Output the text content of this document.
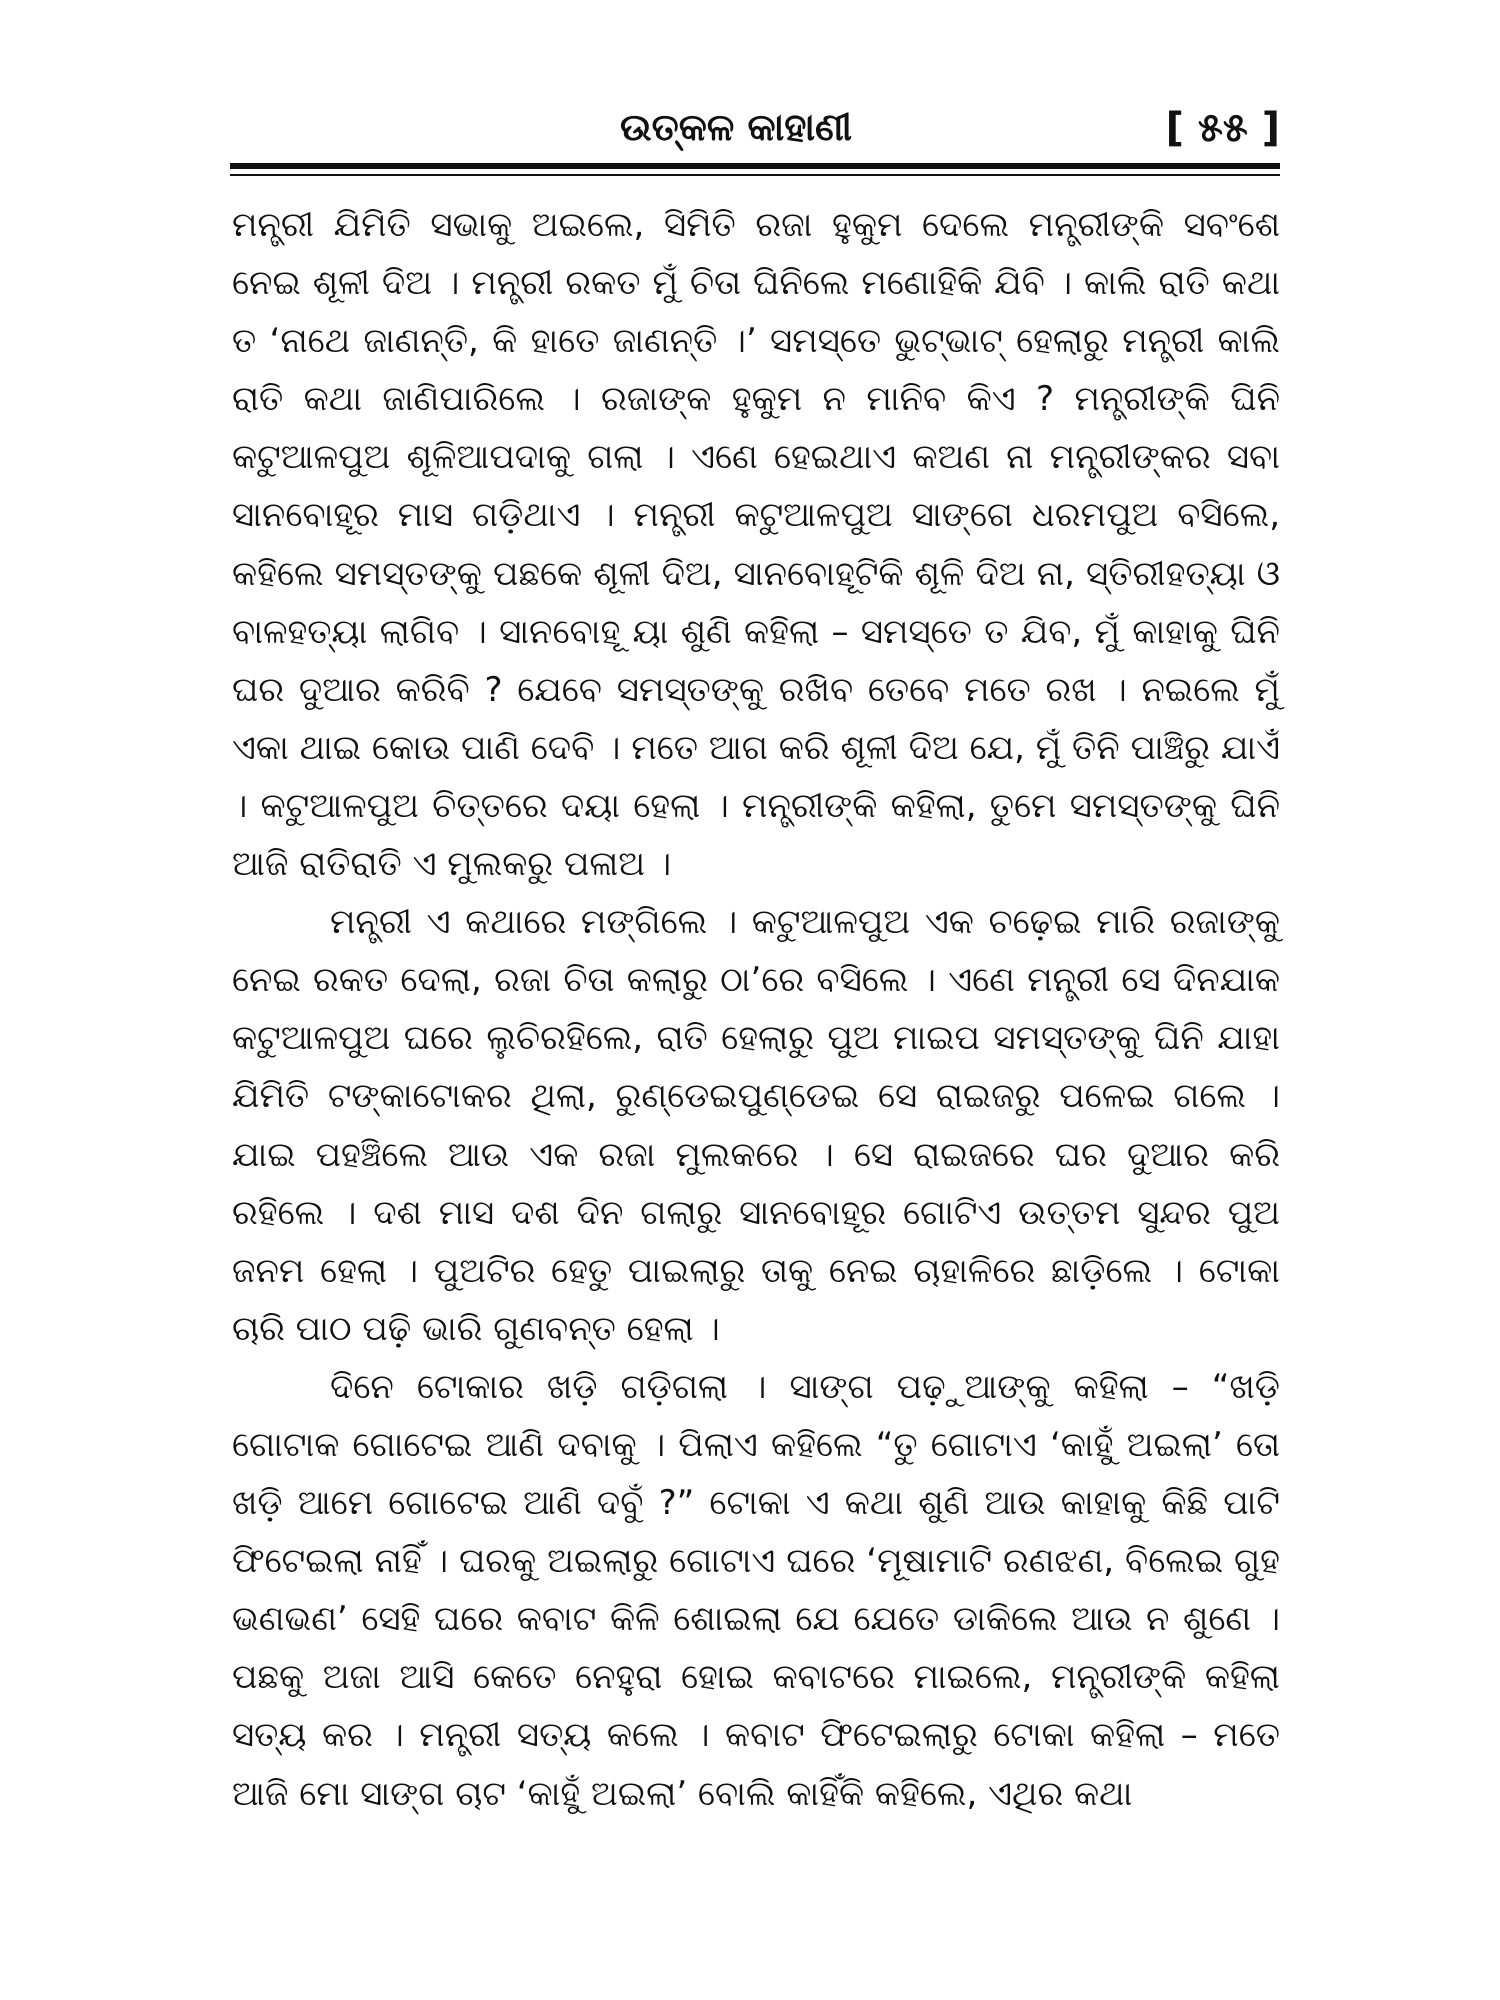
ଉତ୍କଳ କାହାଣୀ	[ ୫୫ ]

ମନ୍ତ୍ରୀ ଯିମିତି ସଭାକୁ ଅଇଲେ, ସିମିତି ରଜା ହୁକୁମ ଦେଲେ ମନ୍ତ୍ରୀଙ୍କି ସବଂଶେ ନେଇ ଶୂଳୀ ଦିଅ । ମନ୍ତ୍ରୀ ରକତ ମୁଁ ଚିତା ଘିନିଲେ ମଣୋହିକି ଯିବି । କାଲି ରାତି କଥା ତ ‘ନାଥେ ଜାଣନ୍ତି, କି ହାତେ ଜାଣନ୍ତି ।’ ସମସ୍ତେ ଭୁଟ୍‌ଭାଟ୍ ହେଲାରୁ ମନ୍ତ୍ରୀ କାଲି ରାତି କଥା ଜାଣିପାରିଲେ । ରଜାଙ୍କ ହୁକୁମ ନ ମାନିବ କିଏ ? ମନ୍ତ୍ରୀଙ୍କି ଘିନି କଟୁଆଳପୁଅ ଶୂଳିଆପଦାକୁ ଗଲା । ଏଣେ ହେଇଥାଏ କଅଣ ନା ମନ୍ତ୍ରୀଙ୍କର ସବା ସାନବୋହୂର ମାସ ଗଡ଼ିଥାଏ । ମନ୍ତ୍ରୀ କଟୁଆଳପୁଅ ସାଙ୍ଗେ ଧରମପୁଅ ବସିଲେ, କହିଲେ ସମସ୍ତଙ୍କୁ ପଛକେ ଶୂଳୀ ଦିଅ, ସାନବୋହୂଟିକି ଶୂଳି ଦିଅ ନା, ସ୍ତିରୀହତ୍ୟା ଓ ବାଳହତ୍ୟା ଲାଗିବ । ସାନବୋହୂ ୟା ଶୁଣି କହିଲା – ସମସ୍ତେ ତ ଯିବ, ମୁଁ କାହାକୁ ଘିନି ଘର ଦୁଆର କରିବି ? ଯେବେ ସମସ୍ତଙ୍କୁ ରଖିବ ତେବେ ମତେ ରଖ । ନଇଲେ ମୁଁ ଏକା ଥାଇ କୋଉ ପାଣି ଦେବି । ମତେ ଆଗ କରି ଶୂଳୀ ଦିଅ ଯେ, ମୁଁ ତିନି ପାଞ୍ଚିରୁ ଯାଏଁ । କଟୁଆଳପୁଅ ଚିତ୍ତରେ ଦୟା ହେଲା । ମନ୍ତ୍ରୀଙ୍କି କହିଲା, ତୁମେ ସମସ୍ତଙ୍କୁ ଘିନି ଆଜି ରାତିରାତି ଏ ମୁଲକରୁ ପଳାଅ ।

ମନ୍ତ୍ରୀ ଏ କଥାରେ ମଙ୍ଗିଲେ । କଟୁଆଳପୁଅ ଏକ ଚଢ଼େଇ ମାରି ରଜାଙ୍କୁ ନେଇ ରକତ ଦେଲା, ରଜା ଚିତା କଲାରୁ ଠା’ରେ ବସିଲେ । ଏଣେ ମନ୍ତ୍ରୀ ସେ ଦିନଯାକ କଟୁଆଳପୁଅ ଘରେ ଲୁଚିରହିଲେ, ରାତି ହେଲାରୁ ପୁଅ ମାଇପ ସମସ୍ତଙ୍କୁ ଘିନି ଯାହା ଯିମିତି ଟଙ୍କାଟୋକର ଥିଲା, ରୁଣ୍ଡେଇପୁଣ୍ଡେଇ ସେ ରାଇଜରୁ ପଳେଇ ଗଲେ । ଯାଇ ପହଞ୍ଚିଲେ ଆଉ ଏକ ରଜା ମୁଲକରେ । ସେ ରାଇଜରେ ଘର ଦୁଆର କରି ରହିଲେ । ଦଶ ମାସ ଦଶ ଦିନ ଗଲାରୁ ସାନବୋହୂର ଗୋଟିଏ ଉତ୍ତମ ସୁନ୍ଦର ପୁଅ ଜନମ ହେଲା । ପୁଅଟିର ହେତୁ ପାଇଲାରୁ ତାକୁ ନେଇ ଚାହାଳିରେ ଛାଡ଼ିଲେ । ଟୋକା ଚାରି ପାଠ ପଢ଼ି ଭାରି ଗୁଣବନ୍ତ ହେଲା ।

ଦିନେ ଟୋକାର ଖଡ଼ି ଗଡ଼ିଗଲା । ସାଙ୍ଗ ପଢ଼ୁଆଙ୍କୁ କହିଲା – “ଖଡ଼ି ଗୋଟାକ ଗୋଟେଇ ଆଣି ଦବାକୁ । ପିଲାଏ କହିଲେ “ତୁ ଗୋଟାଏ ‘କାହୁଁ ଅଇଲା’ ତୋ ଖଡ଼ି ଆମେ ଗୋଟେଇ ଆଣି ଦବୁଁ ?” ଟୋକା ଏ କଥା ଶୁଣି ଆଉ କାହାକୁ କିଛି ପାଟି ଫିଟେଇଲା ନାହିଁ । ଘରକୁ ଅଇଲାରୁ ଗୋଟାଏ ଘରେ ‘ମୂଷାମାଟି ରଣଝଣ, ବିଲେଇ ଗୁହ ଭଣଭଣ’ ସେହି ଘରେ କବାଟ କିଳି ଶୋଇଲା ଯେ ଯେତେ ଡାକିଲେ ଆଉ ନ ଶୁଣେ । ପଛକୁ ଅଜା ଆସି କେତେ ନେହୁରା ହୋଇ କବାଟରେ ମାଇଲେ, ମନ୍ତ୍ରୀଙ୍କି କହିଲା ସତ୍ୟ କର । ମନ୍ତ୍ରୀ ସତ୍ୟ କଲେ । କବାଟ ଫିଟେଇଲାରୁ ଟୋକା କହିଲା – ମତେ ଆଜି ମୋ ସାଙ୍ଗ ଚାଟ ‘କାହୁଁ ଅଇଲା’ ବୋଲି କାହିଁକି କହିଲେ, ଏଥିର କଥା
